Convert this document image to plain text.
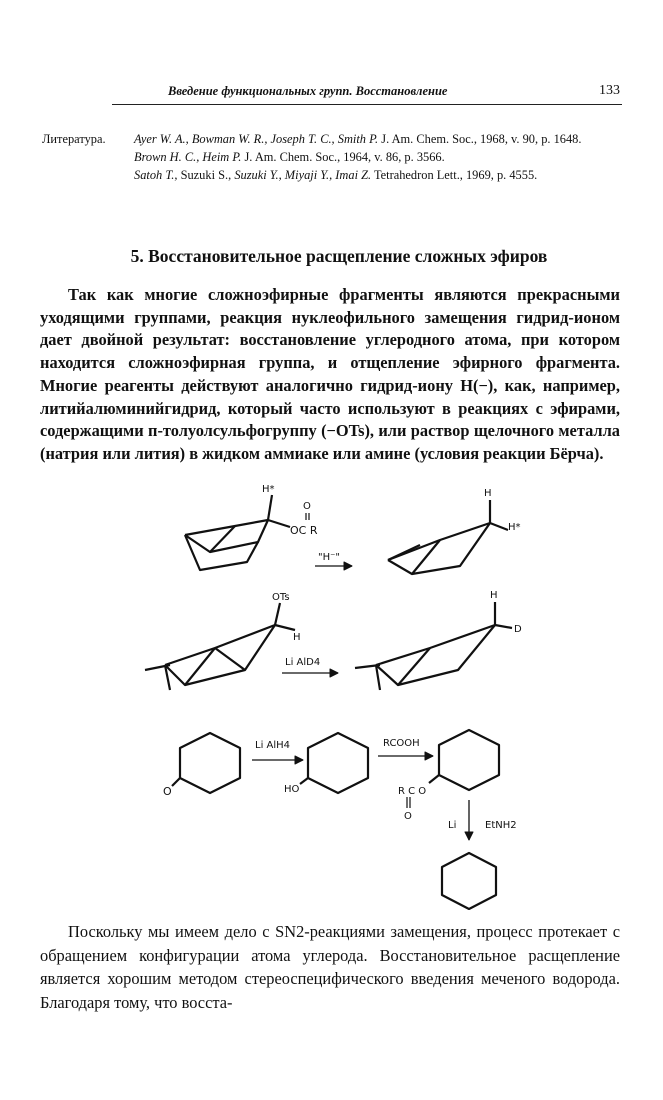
Введение функциональных групп. Восстановление	133
Литература. Ayer W. A., Bowman W. R., Joseph T. C., Smith P. J. Am. Chem. Soc., 1968, v. 90, p. 1648.
Brown H. C., Heim P. J. Am. Chem. Soc., 1964, v. 86, p. 3566.
Satoh T., Suzuki S., Suzuki Y., Miyaji Y., Imai Z. Tetrahedron Lett., 1969, p. 4555.
5. Восстановительное расщепление сложных эфиров

Так как многие сложноэфирные фрагменты являются прекрасными уходящими группами, реакция нуклеофильного замещения гидрид-ионом дает двойной результат: восстановление углеродного атома, при котором находится сложноэфирная группа, и отщепление эфирного фрагмента. Многие реагенты действуют аналогично гидрид-иону H(−), как, например, литийалюминийгидрид, который часто используют в реакциях с эфирами, содержащими п-толуолсульфогруппу (−OTs), или раствор щелочного металла (натрия или лития) в жидком аммиаке или амине (условия реакции Бёрча).

H*
O
OC R
"H⁻"
H
H*
OTs
H
Li AlD4
H
D
O
Li AlH4
HO
RCOOH
R C O
O
Li	EtNH2

Поскольку мы имеем дело с SN2-реакциями замещения, процесс протекает с обращением конфигурации атома углерода. Восстановительное расщепление является хорошим методом стереоспецифического введения меченого водорода. Благодаря тому, что восста-
